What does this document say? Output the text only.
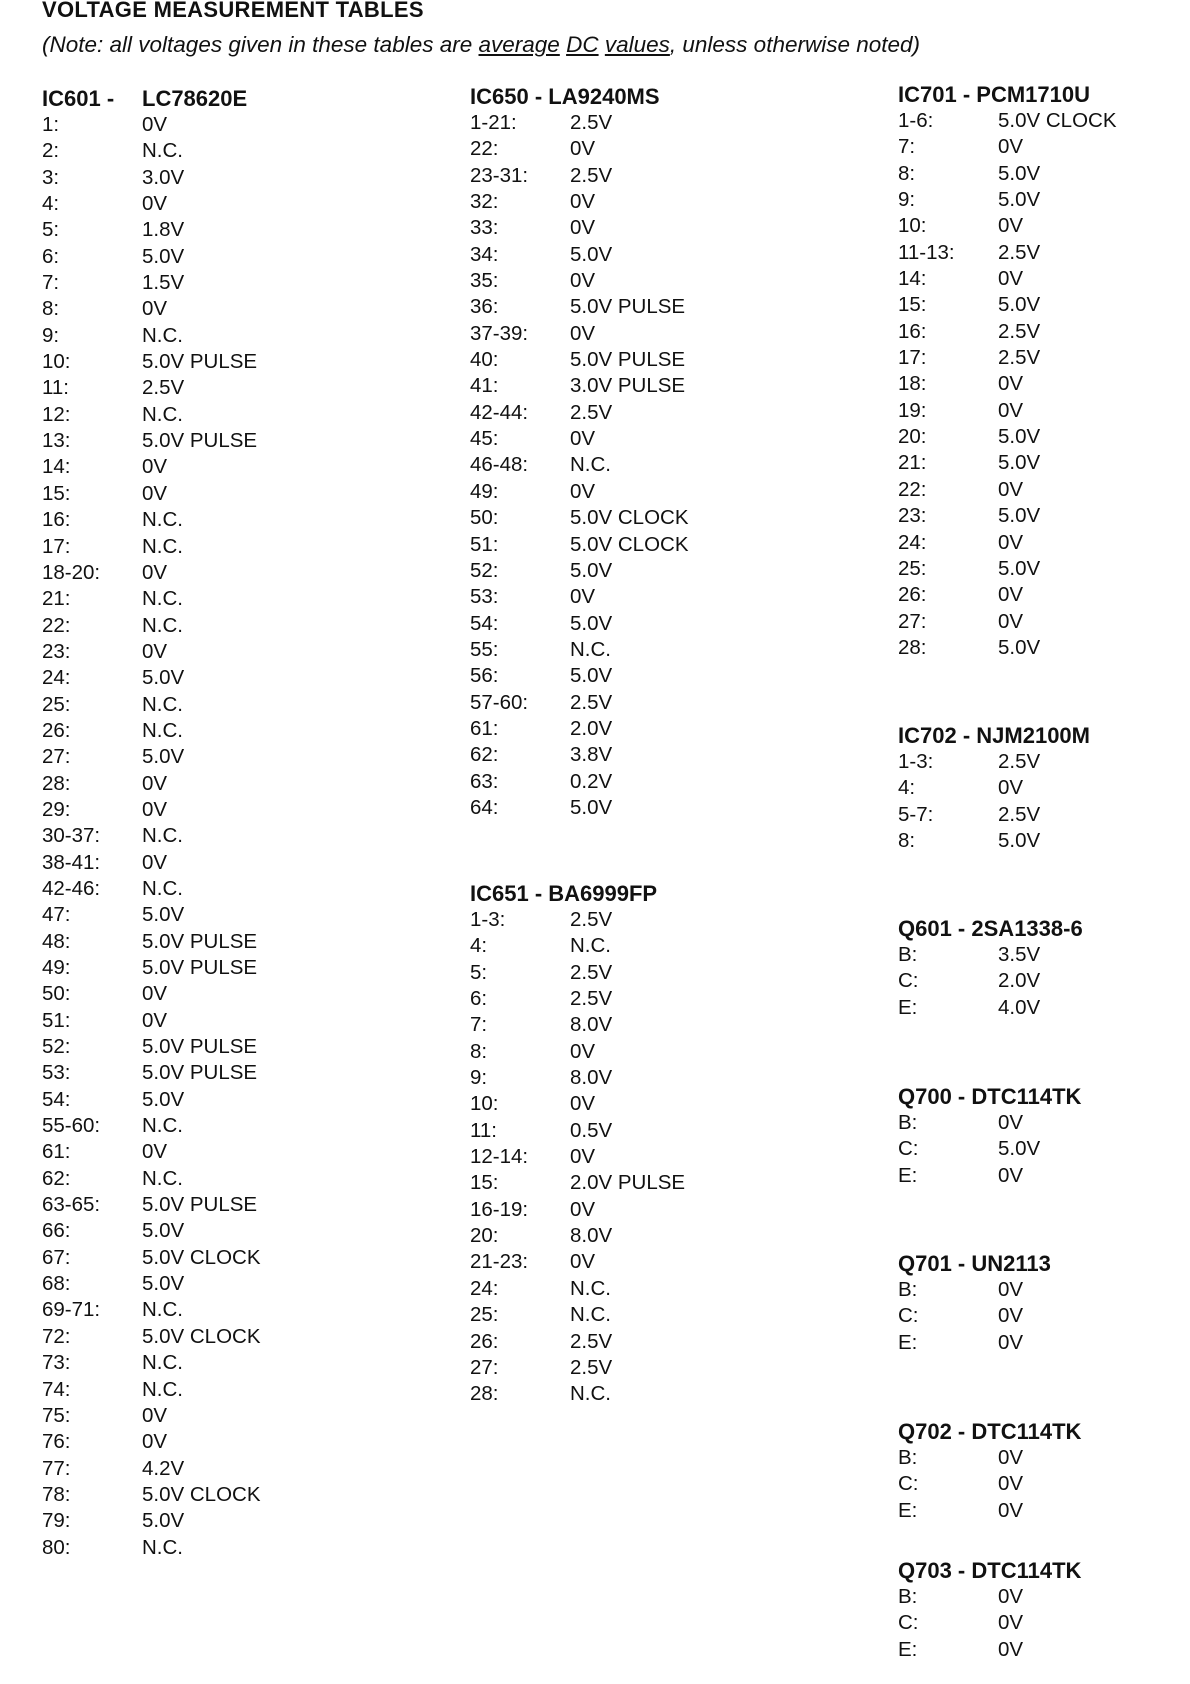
VOLTAGE MEASUREMENT TABLES

(Note: all voltages given in these tables are average DC values, unless otherwise noted)

IC601 - LC78620E
1:	0V
2:	N.C.
3:	3.0V
4:	0V
5:	1.8V
6:	5.0V
7:	1.5V
8:	0V
9:	N.C.
10:	5.0V PULSE
11:	2.5V
12:	N.C.
13:	5.0V PULSE
14:	0V
15:	0V
16:	N.C.
17:	N.C.
18-20: 0V
21:	N.C.
22:	N.C.
23:	0V
24:	5.0V
25:	N.C.
26:	N.C.
27:	5.0V
28:	0V
29:	0V
30-37: N.C.
38-41: 0V
42-46: N.C.
47:	5.0V
48:	5.0V PULSE
49:	5.0V PULSE
50:	0V
51:	0V
52:	5.0V PULSE
53:	5.0V PULSE
54:	5.0V
55-60: N.C.
61:	0V
62:	N.C.
63-65: 5.0V PULSE
66:	5.0V
67:	5.0V CLOCK
68:	5.0V
69-71: N.C.
72:	5.0V CLOCK
73:	N.C.
74:	N.C.
75:	0V
76:	0V
77:	4.2V
78:	5.0V CLOCK
79:	5.0V
80:	N.C.
IC650 - LA9240MS
1-21:	2.5V
22:	0V
23-31: 2.5V
32:	0V
33:	0V
34:	5.0V
35:	0V
36:	5.0V PULSE
37-39: 0V
40:	5.0V PULSE
41:	3.0V PULSE
42-44: 2.5V
45:	0V
46-48: N.C.
49:	0V
50:	5.0V CLOCK
51:	5.0V CLOCK
52:	5.0V
53:	0V
54:	5.0V
55:	N.C.
56:	5.0V
57-60: 2.5V
61:	2.0V
62:	3.8V
63:	0.2V
64:	5.0V
IC651 - BA6999FP
1-3:	2.5V
4:	N.C.
5:	2.5V
6:	2.5V
7:	8.0V
8:	0V
9:	8.0V
10:	0V
11:	0.5V
12-14: 0V
15:	2.0V PULSE
16-19: 0V
20:	8.0V
21-23: 0V
24:	N.C.
25:	N.C.
26:	2.5V
27:	2.5V
28:	N.C.
IC701 - PCM1710U
1-6:	5.0V CLOCK
7:	0V
8:	5.0V
9:	5.0V
10:	0V
11-13: 2.5V
14:	0V
15:	5.0V
16:	2.5V
17:	2.5V
18:	0V
19:	0V
20:	5.0V
21:	5.0V
22:	0V
23:	5.0V
24:	0V
25:	5.0V
26:	0V
27:	0V
28:	5.0V
IC702 - NJM2100M
1-3:	2.5V
4:	0V
5-7:	2.5V
8:	5.0V
Q601 - 2SA1338-6
B:	3.5V
C:	2.0V
E:	4.0V
Q700 - DTC114TK
B:	0V
C:	5.0V
E:	0V
Q701 - UN2113
B:	0V
C:	0V
E:	0V
Q702 - DTC114TK
B:	0V
C:	0V
E:	0V
Q703 - DTC114TK
B:	0V
C:	0V
E:	0V
